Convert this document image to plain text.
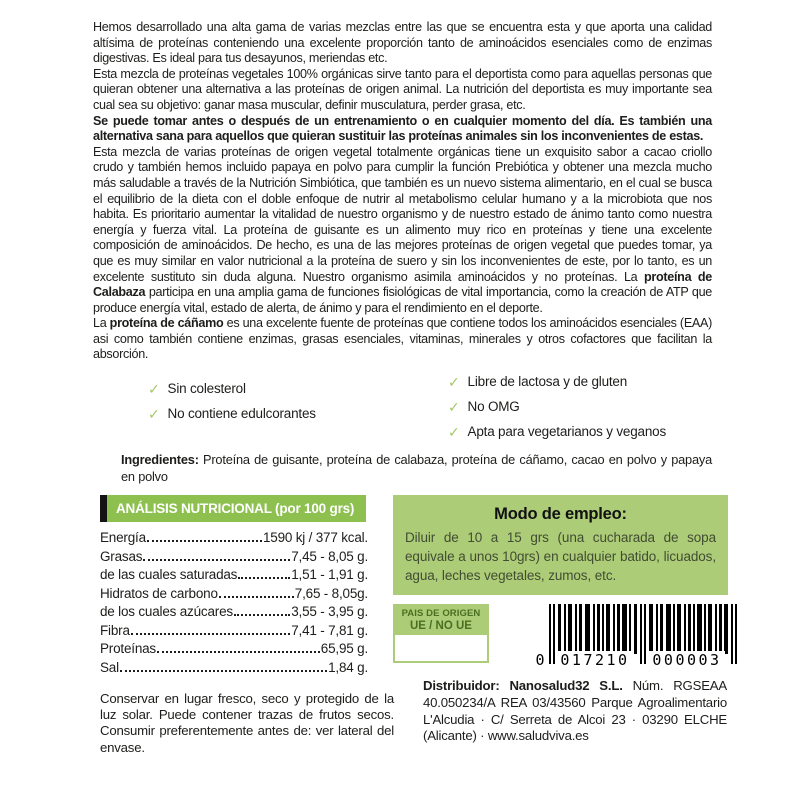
Hemos desarrollado una alta gama de varias mezclas entre las que se encuentra esta y que aporta una calidad altísima de proteínas conteniendo una excelente proporción tanto de aminoácidos esenciales como de enzimas digestivas. Es ideal para tus desayunos, meriendas etc.

Esta mezcla de proteínas vegetales 100% orgánicas sirve tanto para el deportista como para aquellas personas que quieran obtener una alternativa a las proteínas de origen animal. La nutrición del deportista es muy importante sea cual sea su objetivo: ganar masa muscular, definir musculatura, perder grasa, etc.

Se puede tomar antes o después de un entrenamiento o en cualquier momento del día. Es también una alternativa sana para aquellos que quieran sustituir las proteínas animales sin los inconvenientes de estas.

Esta mezcla de varias proteínas de origen vegetal totalmente orgánicas tiene un exquisito sabor a cacao criollo crudo y también hemos incluido papaya en polvo para cumplir la función Prebiótica y obtener una mezcla mucho más saludable a través de la Nutrición Simbiótica, que también es un nuevo sistema alimentario, en el cual se busca el equilibrio de la dieta con el doble enfoque de nutrir al metabolismo celular humano y a la microbiota que nos habita. Es prioritario aumentar la vitalidad de nuestro organismo y de nuestro estado de ánimo tanto como nuestra energía y fuerza vital. La proteína de guisante es un alimento muy rico en proteínas y tiene una excelente composición de aminoácidos. De hecho, es una de las mejores proteínas de origen vegetal que puedes tomar, ya que es muy similar en valor nutricional a la proteína de suero y sin los inconvenientes de este, por lo tanto, es un excelente sustituto sin duda alguna. Nuestro organismo asimila aminoácidos y no proteínas. La proteína de Calabaza participa en una amplia gama de funciones fisiológicas de vital importancia, como la creación de ATP que produce energía vital, estado de alerta, de ánimo y para el rendimiento en el deporte.

La proteína de cáñamo es una excelente fuente de proteínas que contiene todos los aminoácidos esenciales (EAA) asi como también contiene enzimas, grasas esenciales, vitaminas, minerales y otros cofactores que facilitan la absorción.

✓ Sin colesterol
✓ No contiene edulcorantes
✓ Libre de lactosa y de gluten
✓ No OMG
✓ Apta para vegetarianos y veganos

Ingredientes: Proteína de guisante, proteína de calabaza, proteína de cáñamo, cacao en polvo y papaya en polvo

ANÁLISIS NUTRICIONAL (por 100 grs)
Energía	1590 kj / 377 kcal.
Grasas	7,45 - 8,05 g.
de las cuales saturadas	1,51 - 1,91 g.
Hidratos de carbono	7,65 - 8,05g.
de los cuales azúcares	3,55 - 3,95 g.
Fibra	7,41 - 7,81 g.
Proteínas	65,95 g.
Sal	1,84 g.

Conservar en lugar fresco, seco y protegido de la luz solar. Puede contener trazas de frutos secos. Consumir preferentemente antes de: ver lateral del envase.

Modo de empleo:
Diluir de 10 a 15 grs (una cucharada de sopa equivale a unos 10grs) en cualquier batido, licuados, agua, leches vegetales, zumos, etc.
PAIS DE ORIGEN
UE / NO UE
0 017210 000003

Distribuidor: Nanosalud32 S.L. Núm. RGSEAA 40.050234/A REA 03/43560 Parque Agroalimentario L'Alcudia · C/ Serreta de Alcoi 23 · 03290 ELCHE (Alicante) · www.saludviva.es
